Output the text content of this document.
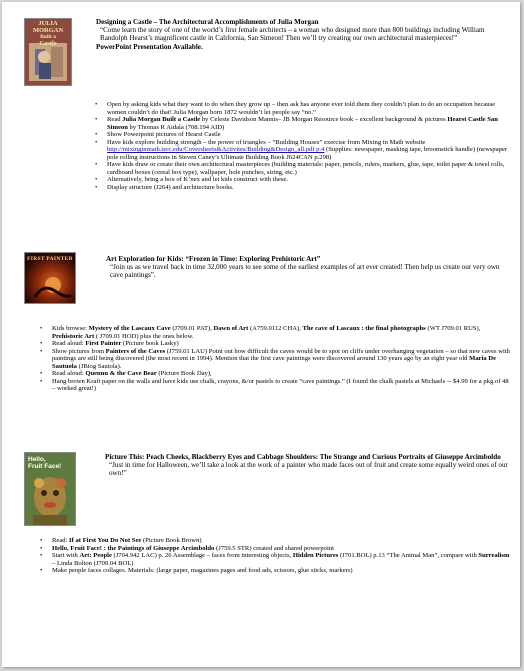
JULIA MORGAN
Built a
Castle
Designing a Castle – The Architectural Accomplishments of Julia Morgan
“Come learn the story of one of the world’s first female architects – a woman who designed more than 800 buildings including William Randolph Hearst’s magnificent castle in California, San Simeon! Then we’ll try creating our own architectural masterpieces!”
PowerPoint Presentation Available.
• Open by asking kids what they want to do when they grow up – then ask has anyone ever told them they couldn’t plan to do an occupation because women couldn’t do that! Julia Morgan born 1872 wouldn’t let people say “no.”
• Read Julia Morgan Built a Castle by Celeste Davidson Mannis– JB Morgan Resource book – excellent background & pictures Hearst Castle San Simeon by Thomas R Aidala (708.194 AID)
• Show Powerpoint pictures of Hearst Castle
• Have kids explore building strength – the power of triangles – “Building Houses” exercise from Mixing in Math website http://mixinginmath.terc.edu/Coversheets&Activites/Building&Design_all.pdf p.4 (Supplies: newspaper, masking tape, broomstick handle) (newspaper pole rolling instructions in Steven Caney’s Ultimate Building Book J624CAN p.298)
• Have kids draw or create their own architectural masterpieces (building materials: paper, pencils, rulers, markers, glue, tape, toilet paper & towel rolls, cardboard boxes (cereal box type), wallpaper, hole punches, string, etc.)
• Alternatively, bring a box of K’nex and let kids construct with these.
• Display structure (J264) and architecture books.
FIRST PAINTER	Art Exploration for Kids: “Frozen in Time: Exploring Prehistoric Art”
“Join us as we travel back in time 32,000 years to see some of the earliest examples of art ever created! Then help us create our very own cave paintings”.
• Kids browse: Mystery of the Lascaux Cave (J709.01 PAT), Dawn of Art (A759.0112 CHA), The cave of Lascaux : the final photographs (WT J709.01 RUS), Prehistoric Art ( J709.01 HOD) plus the ones below.
• Read aloud: First Painter (Picture book Lasky)
• Show pictures from Painters of the Caves (J759.01 LAU) Point out how difficult the caves would be to spot on cliffs under overhanging vegetation – so that new caves with paintings are still being discovered (the most recent in 1994). Mention that the first cave paintings were discovered around 130 years ago by an eight year old Maria De Sautuola (JBiog Sautola).
• Read aloud: Quennu & the Cave Bear (Picture Book Day),
• Hang brown Kraft paper on the walls and have kids use chalk, crayons, &/or pastels to create “cave paintings.” (I found the chalk pastels at Michaels -- $4.99 for a pkg.of 48 – worked great!)
Hello,
Fruit Face!
Picture This: Peach Cheeks, Blackberry Eyes and Cabbage Shoulders: The Strange and Curious Portraits of Giuseppe Arcimboldo
“Just in time for Halloween, we’ll take a look at the work of a painter who made faces out of fruit and create some equally weird ones of our own!”
• Read: If at First You Do Not See (Picture Book Brown)
• Hello, Fruit Face! : the Paintings of Giuseppe Arcimboldo (J759.5 STR) created and shared powerpoint
• Start with Art: People (J704.942 LAC) p. 26 Assemblage – faces from interesting objects, Hidden Pictures (J701.BOL) p.13 “The Animal Man”, compare with Surrealism – Linda Bolton (J709.04 BOL)
• Make people faces collages. Materials: (large paper, magazines pages and food ads, scissors, glue sticks, markers)
